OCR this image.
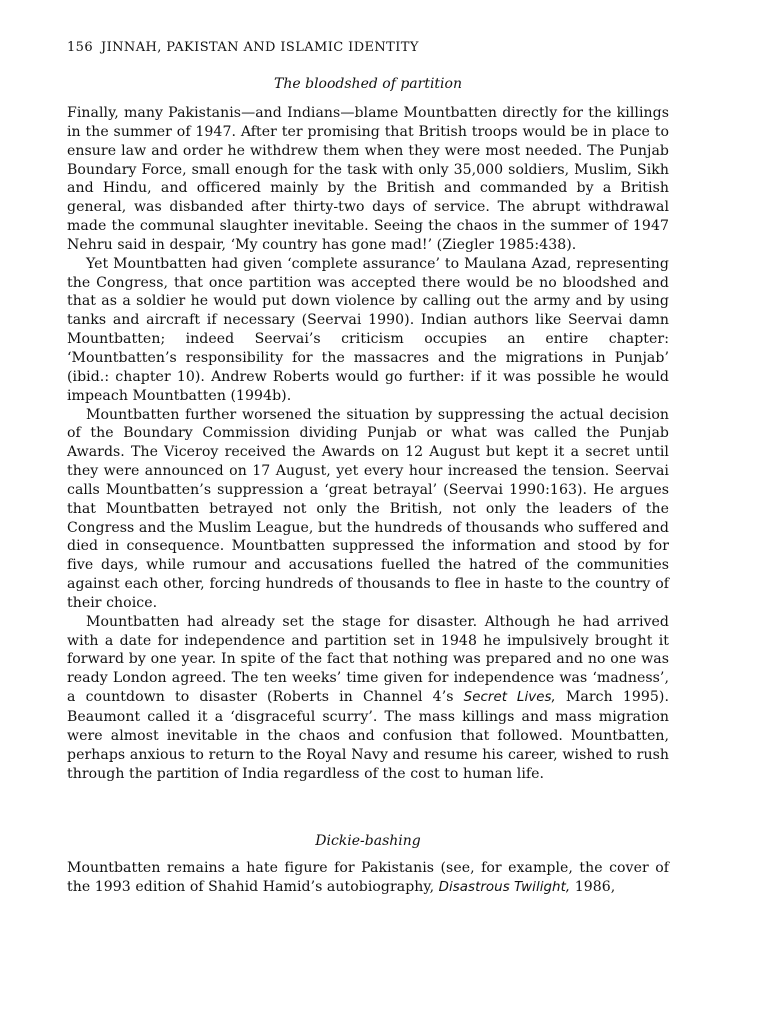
156 JINNAH, PAKISTAN AND ISLAMIC IDENTITY
The bloodshed of partition

Finally, many Pakistanis—and Indians—blame Mountbatten directly for the killings in the summer of 1947. After ter promising that British troops would be in place to ensure law and order he withdrew them when they were most needed. The Punjab Boundary Force, small enough for the task with only 35,000 soldiers, Muslim, Sikh and Hindu, and officered mainly by the British and commanded by a British general, was disbanded after thirty-two days of service. The abrupt withdrawal made the communal slaughter inevitable. Seeing the chaos in the summer of 1947 Nehru said in despair, ‘My country has gone mad!’ (Ziegler 1985:438).

Yet Mountbatten had given ‘complete assurance’ to Maulana Azad, representing the Congress, that once partition was accepted there would be no bloodshed and that as a soldier he would put down violence by calling out the army and by using tanks and aircraft if necessary (Seervai 1990). Indian authors like Seervai damn Mountbatten; indeed Seervai’s criticism occupies an entire chapter: ‘Mountbatten’s responsibility for the massacres and the migrations in Punjab’ (ibid.: chapter 10). Andrew Roberts would go further: if it was possible he would impeach Mountbatten (1994b).

Mountbatten further worsened the situation by suppressing the actual decision of the Boundary Commission dividing Punjab or what was called the Punjab Awards. The Viceroy received the Awards on 12 August but kept it a secret until they were announced on 17 August, yet every hour increased the tension. Seervai calls Mountbatten’s suppression a ‘great betrayal’ (Seervai 1990:163). He argues that Mountbatten betrayed not only the British, not only the leaders of the Congress and the Muslim League, but the hundreds of thousands who suffered and died in consequence. Mountbatten suppressed the information and stood by for five days, while rumour and accusations fuelled the hatred of the communities against each other, forcing hundreds of thousands to flee in haste to the country of their choice.

Mountbatten had already set the stage for disaster. Although he had arrived with a date for independence and partition set in 1948 he impulsively brought it forward by one year. In spite of the fact that nothing was prepared and no one was ready London agreed. The ten weeks’ time given for independence was ‘madness’, a countdown to disaster (Roberts in Channel 4’s Secret Lives, March 1995). Beaumont called it a ‘disgraceful scurry’. The mass killings and mass migration were almost inevitable in the chaos and confusion that followed. Mountbatten, perhaps anxious to return to the Royal Navy and resume his career, wished to rush through the partition of India regardless of the cost to human life.

Dickie-bashing

Mountbatten remains a hate figure for Pakistanis (see, for example, the cover of the 1993 edition of Shahid Hamid’s autobiography, Disastrous Twilight, 1986,
